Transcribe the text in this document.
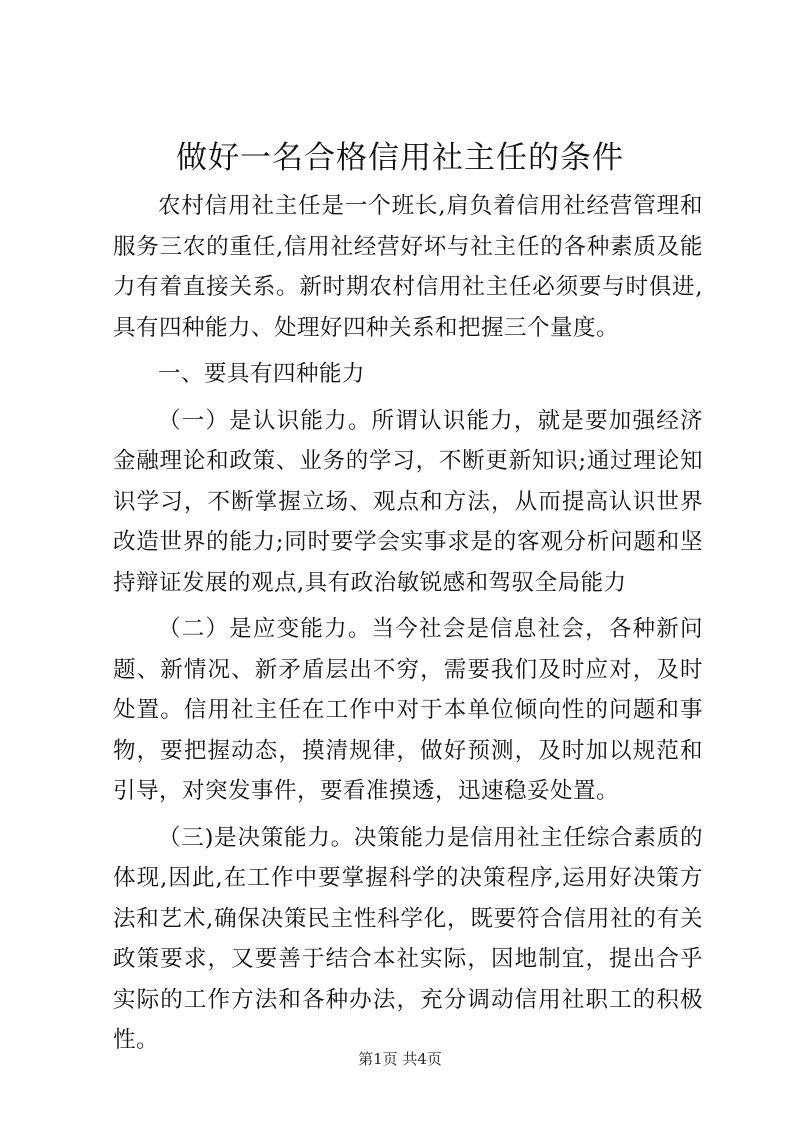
做好一名合格信用社主任的条件

农村信用社主任是一个班长,肩负着信用社经营管理和服务三农的重任,信用社经营好坏与社主任的各种素质及能力有着直接关系。新时期农村信用社主任必须要与时俱进,具有四种能力、处理好四种关系和把握三个量度。

一、要具有四种能力

（一）是认识能力。所谓认识能力，就是要加强经济金融理论和政策、业务的学习，不断更新知识;通过理论知识学习，不断掌握立场、观点和方法，从而提高认识世界改造世界的能力;同时要学会实事求是的客观分析问题和坚持辩证发展的观点,具有政治敏锐感和驾驭全局能力

（二）是应变能力。当今社会是信息社会，各种新问题、新情况、新矛盾层出不穷，需要我们及时应对，及时处置。信用社主任在工作中对于本单位倾向性的问题和事物，要把握动态，摸清规律，做好预测，及时加以规范和引导，对突发事件，要看准摸透，迅速稳妥处置。

（三)是决策能力。决策能力是信用社主任综合素质的体现,因此,在工作中要掌握科学的决策程序,运用好决策方法和艺术,确保决策民主性科学化，既要符合信用社的有关政策要求，又要善于结合本社实际，因地制宜，提出合乎实际的工作方法和各种办法，充分调动信用社职工的积极性。

第1页 共4页
